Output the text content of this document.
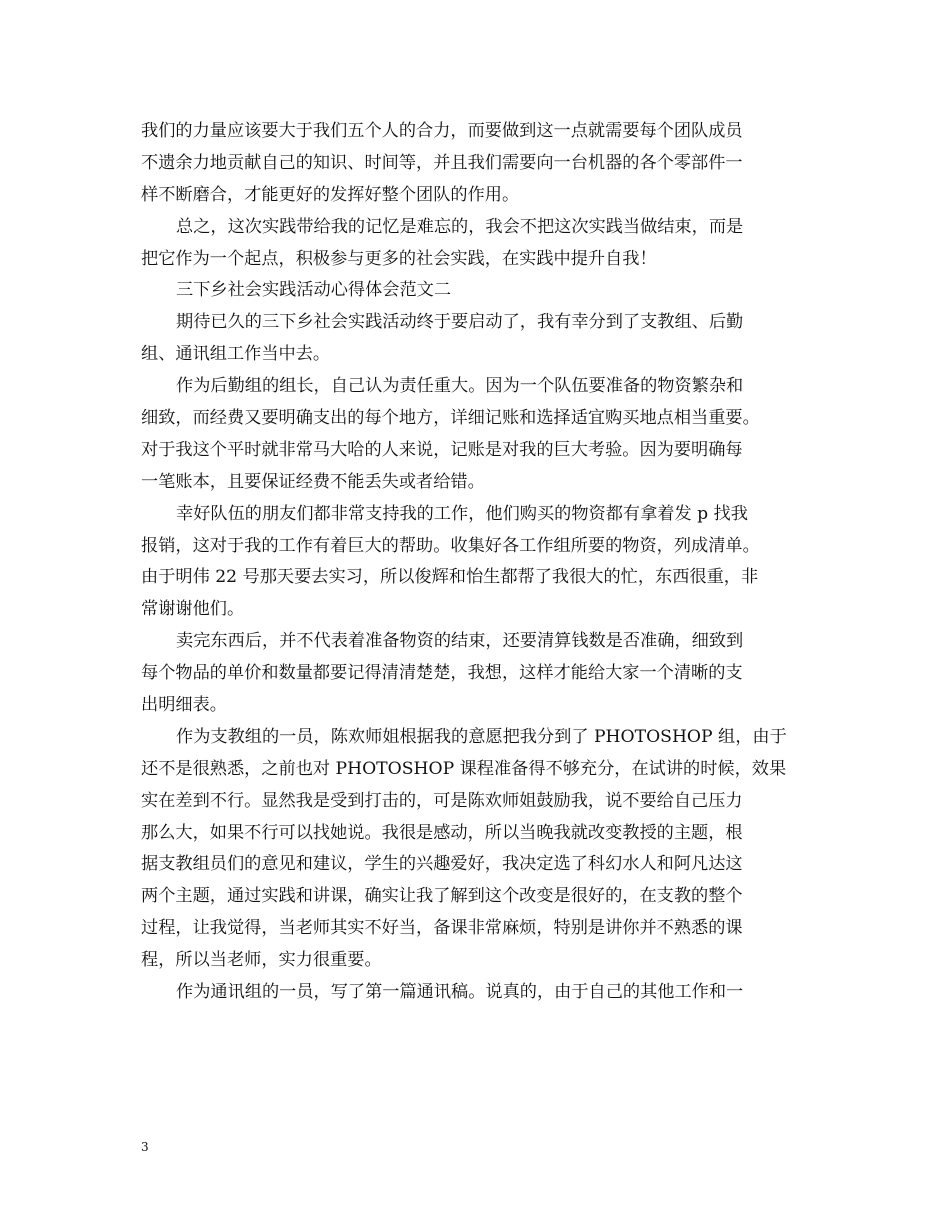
我们的力量应该要大于我们五个人的合力，而要做到这一点就需要每个团队成员
不遗余力地贡献自己的知识、时间等，并且我们需要向一台机器的各个零部件一
样不断磨合，才能更好的发挥好整个团队的作用。
总之，这次实践带给我的记忆是难忘的，我会不把这次实践当做结束，而是
把它作为一个起点，积极参与更多的社会实践，在实践中提升自我！
三下乡社会实践活动心得体会范文二
期待已久的三下乡社会实践活动终于要启动了，我有幸分到了支教组、后勤
组、通讯组工作当中去。
作为后勤组的组长，自己认为责任重大。因为一个队伍要准备的物资繁杂和
细致，而经费又要明确支出的每个地方，详细记账和选择适宜购买地点相当重要。
对于我这个平时就非常马大哈的人来说，记账是对我的巨大考验。因为要明确每
一笔账本，且要保证经费不能丢失或者给错。
幸好队伍的朋友们都非常支持我的工作，他们购买的物资都有拿着发 p 找我
报销，这对于我的工作有着巨大的帮助。收集好各工作组所要的物资，列成清单。
由于明伟 22 号那天要去实习，所以俊辉和怡生都帮了我很大的忙，东西很重，非
常谢谢他们。
卖完东西后，并不代表着准备物资的结束，还要清算钱数是否准确，细致到
每个物品的单价和数量都要记得清清楚楚，我想，这样才能给大家一个清晰的支
出明细表。
作为支教组的一员，陈欢师姐根据我的意愿把我分到了 PHOTOSHOP 组，由于
还不是很熟悉，之前也对 PHOTOSHOP 课程准备得不够充分，在试讲的时候，效果
实在差到不行。显然我是受到打击的，可是陈欢师姐鼓励我，说不要给自己压力
那么大，如果不行可以找她说。我很是感动，所以当晚我就改变教授的主题，根
据支教组员们的意见和建议，学生的兴趣爱好，我决定选了科幻水人和阿凡达这
两个主题，通过实践和讲课，确实让我了解到这个改变是很好的，在支教的整个
过程，让我觉得，当老师其实不好当，备课非常麻烦，特别是讲你并不熟悉的课
程，所以当老师，实力很重要。
作为通讯组的一员，写了第一篇通讯稿。说真的，由于自己的其他工作和一
3
